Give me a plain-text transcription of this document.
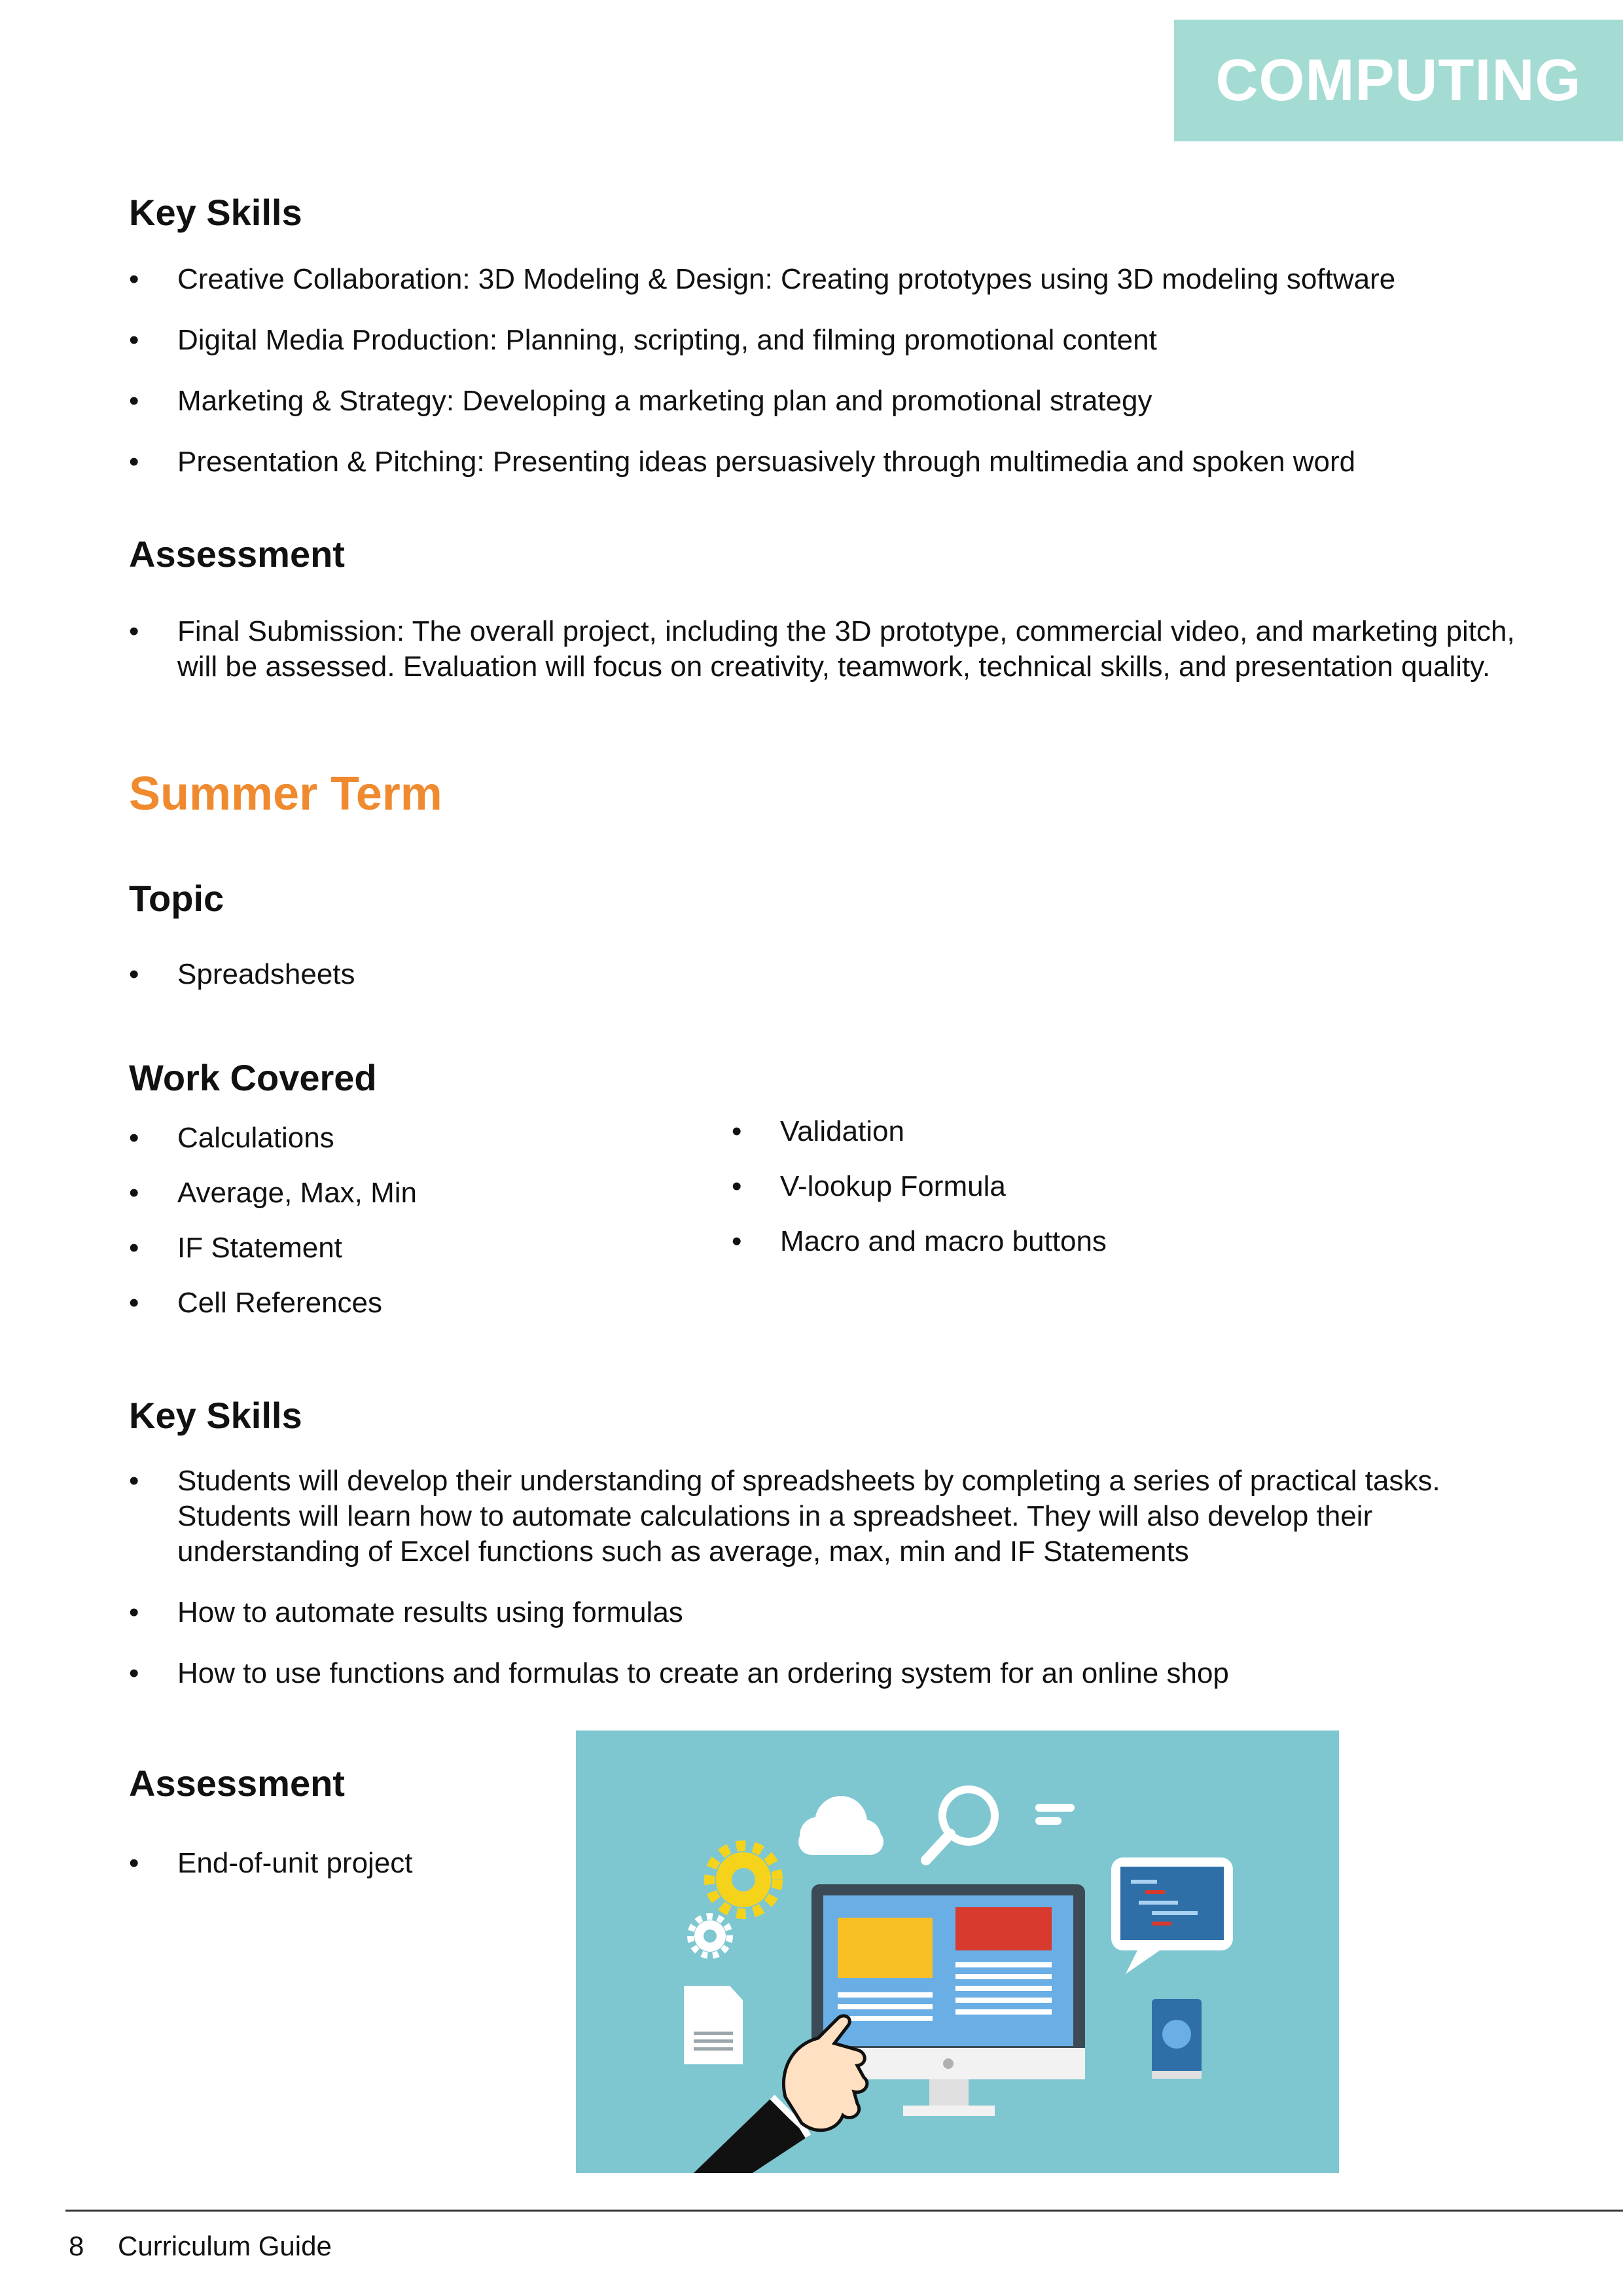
COMPUTING
Key Skills
• Creative Collaboration: 3D Modeling & Design: Creating prototypes using 3D modeling software
• Digital Media Production: Planning, scripting, and filming promotional content
• Marketing & Strategy: Developing a marketing plan and promotional strategy
• Presentation & Pitching: Presenting ideas persuasively through multimedia and spoken word
Assessment
• Final Submission: The overall project, including the 3D prototype, commercial video, and marketing pitch, will be assessed. Evaluation will focus on creativity, teamwork, technical skills, and presentation quality.
Summer Term
Topic
• Spreadsheets
Work Covered
• Calculations
• Average, Max, Min
• IF Statement
• Cell References
• Validation
• V-lookup Formula
• Macro and macro buttons
Key Skills
• Students will develop their understanding of spreadsheets by completing a series of practical tasks. Students will learn how to automate calculations in a spreadsheet. They will also develop their understanding of Excel functions such as average, max, min and IF Statements
• How to automate results using formulas
• How to use functions and formulas to create an ordering system for an online shop
Assessment
• End-of-unit project
8 Curriculum Guide
